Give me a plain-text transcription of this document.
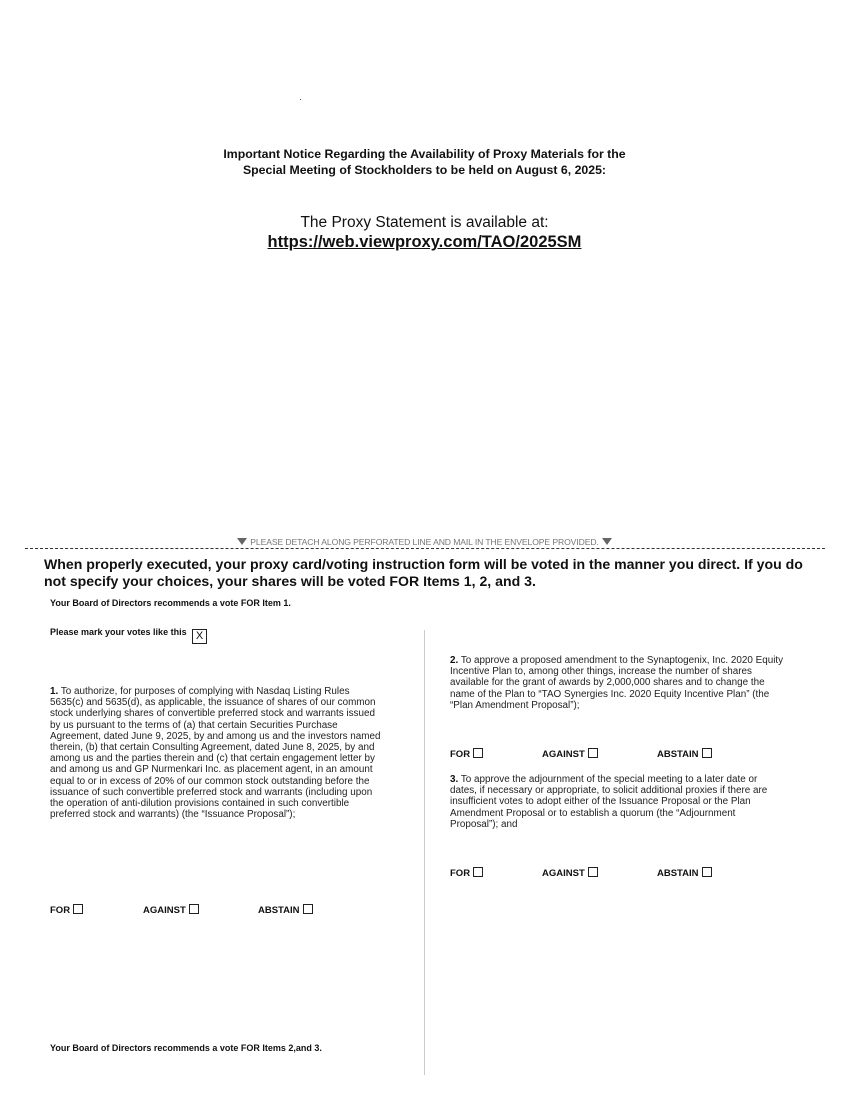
Important Notice Regarding the Availability of Proxy Materials for the
Special Meeting of Stockholders to be held on August 6, 2025:
The Proxy Statement is available at:
https://web.viewproxy.com/TAO/2025SM
PLEASE DETACH ALONG PERFORATED LINE AND MAIL IN THE ENVELOPE PROVIDED.
When properly executed, your proxy card/voting instruction form will be voted in the manner you direct. If you do not specify your choices, your shares will be voted FOR Items 1, 2, and 3.
Your Board of Directors recommends a vote FOR Item 1.
Please mark your votes like this X
1. To authorize, for purposes of complying with Nasdaq Listing Rules 5635(c) and 5635(d), as applicable, the issuance of shares of our common stock underlying shares of convertible preferred stock and warrants issued by us pursuant to the terms of (a) that certain Securities Purchase Agreement, dated June 9, 2025, by and among us and the investors named therein, (b) that certain Consulting Agreement, dated June 8, 2025, by and among us and the parties therein and (c) that certain engagement letter by and among us and GP Nurmenkari Inc. as placement agent, in an amount equal to or in excess of 20% of our common stock outstanding before the issuance of such convertible preferred stock and warrants (including upon the operation of anti-dilution provisions contained in such convertible preferred stock and warrants) (the “Issuance Proposal”);
FOR	AGAINST	ABSTAIN
2. To approve a proposed amendment to the Synaptogenix, Inc. 2020 Equity Incentive Plan to, among other things, increase the number of shares available for the grant of awards by 2,000,000 shares and to change the name of the Plan to “TAO Synergies Inc. 2020 Equity Incentive Plan” (the “Plan Amendment Proposal”);
FOR	AGAINST	ABSTAIN
3. To approve the adjournment of the special meeting to a later date or dates, if necessary or appropriate, to solicit additional proxies if there are insufficient votes to adopt either of the Issuance Proposal or the Plan Amendment Proposal or to establish a quorum (the “Adjournment Proposal”); and
FOR	AGAINST	ABSTAIN
Your Board of Directors recommends a vote FOR Items 2,and 3.
